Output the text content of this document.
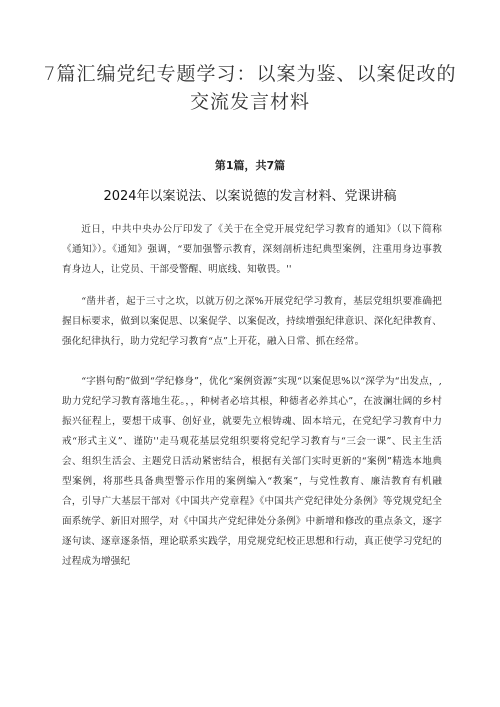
7篇汇编党纪专题学习：以案为鉴、以案促改的交流发言材料
第1篇，共7篇
2024年以案说法、以案说德的发言材料、党课讲稿

近日，中共中央办公厅印发了《关于在全党开展党纪学习教育的通知》（以下简称《通知》）。《通知》强调，“要加强警示教育，深刻剖析违纪典型案例，注重用身边事教育身边人，让党员、干部受警醒、明底线、知敬畏。''

“凿井者，起于三寸之坎，以就万仞之深%开展党纪学习教育，基层党组织要准确把握目标要求，做到以案促思、以案促学、以案促改，持续增强纪律意识、深化纪律教育、强化纪律执行，助力党纪学习教育“点”上开花，融入日常、抓在经常。

“字斟句酌”做到“学纪修身”，优化“案例资源”实现“以案促思%以“深学为“出发点，,助力党纪学习教育落地生花。，，种树者必培其根，种德者必养其心”，在波澜壮阔的乡村振兴征程上，要想干成事、创好业，就要先立根铸魂、固本培元，在党纪学习教育中力戒“形式主义”、谨防''走马观花基层党组织要将党纪学习教育与“三会一课”、民主生活会、组织生活会、主题党日活动紧密结合，根据有关部门实时更新的“案例”精选本地典型案例，将那些具备典型警示作用的案例编入“教案”，与党性教育、廉洁教育有机融合，引导广大基层干部对《中国共产党章程》《中国共产党纪律处分条例》等党规党纪全面系统学、新旧对照学，对《中国共产党纪律处分条例》中新增和修改的重点条文，逐字逐句读、逐章逐条悟，理论联系实践学，用党规党纪校正思想和行动，真正使学习党纪的过程成为增强纪
